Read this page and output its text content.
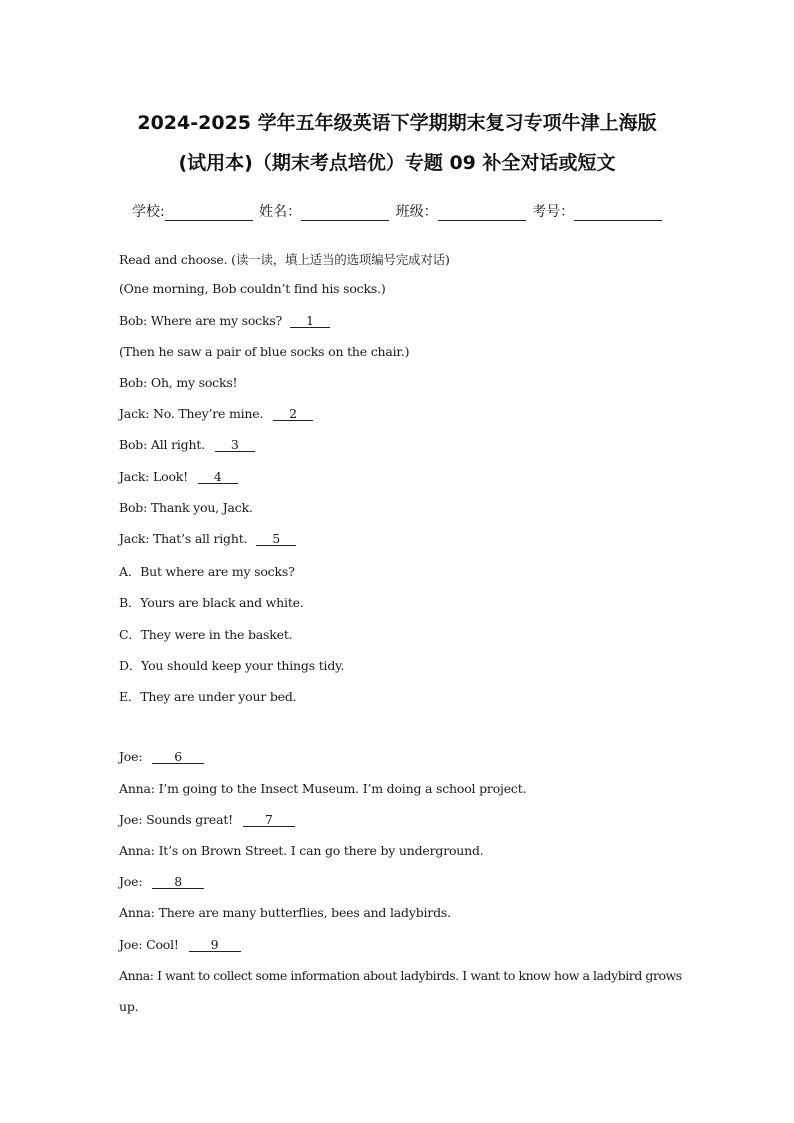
2024-2025 学年五年级英语下学期期末复习专项牛津上海版
(试用本)（期末考点培优）专题 09 补全对话或短文
学校:	姓名：	班级：	考号：
Read and choose. (读一读，填上适当的选项编号完成对话)
(One morning, Bob couldn’t find his socks.)
Bob: Where are my socks? 1
(Then he saw a pair of blue socks on the chair.)
Bob: Oh, my socks!
Jack: No. They’re mine. 2
Bob: All right. 3
Jack: Look! 4
Bob: Thank you, Jack.
Jack: That’s all right. 5
A．But where are my socks?
B．Yours are black and white.
C．They were in the basket.
D．You should keep your things tidy.
E．They are under your bed.
Joe:	6
Anna: I’m going to the Insect Museum. I’m doing a school project.
Joe: Sounds great!	7
Anna: It’s on Brown Street. I can go there by underground.
Joe:	8
Anna: There are many butterflies, bees and ladybirds.
Joe: Cool!	9
Anna: I want to collect some information about ladybirds. I want to know how a ladybird grows
up.
